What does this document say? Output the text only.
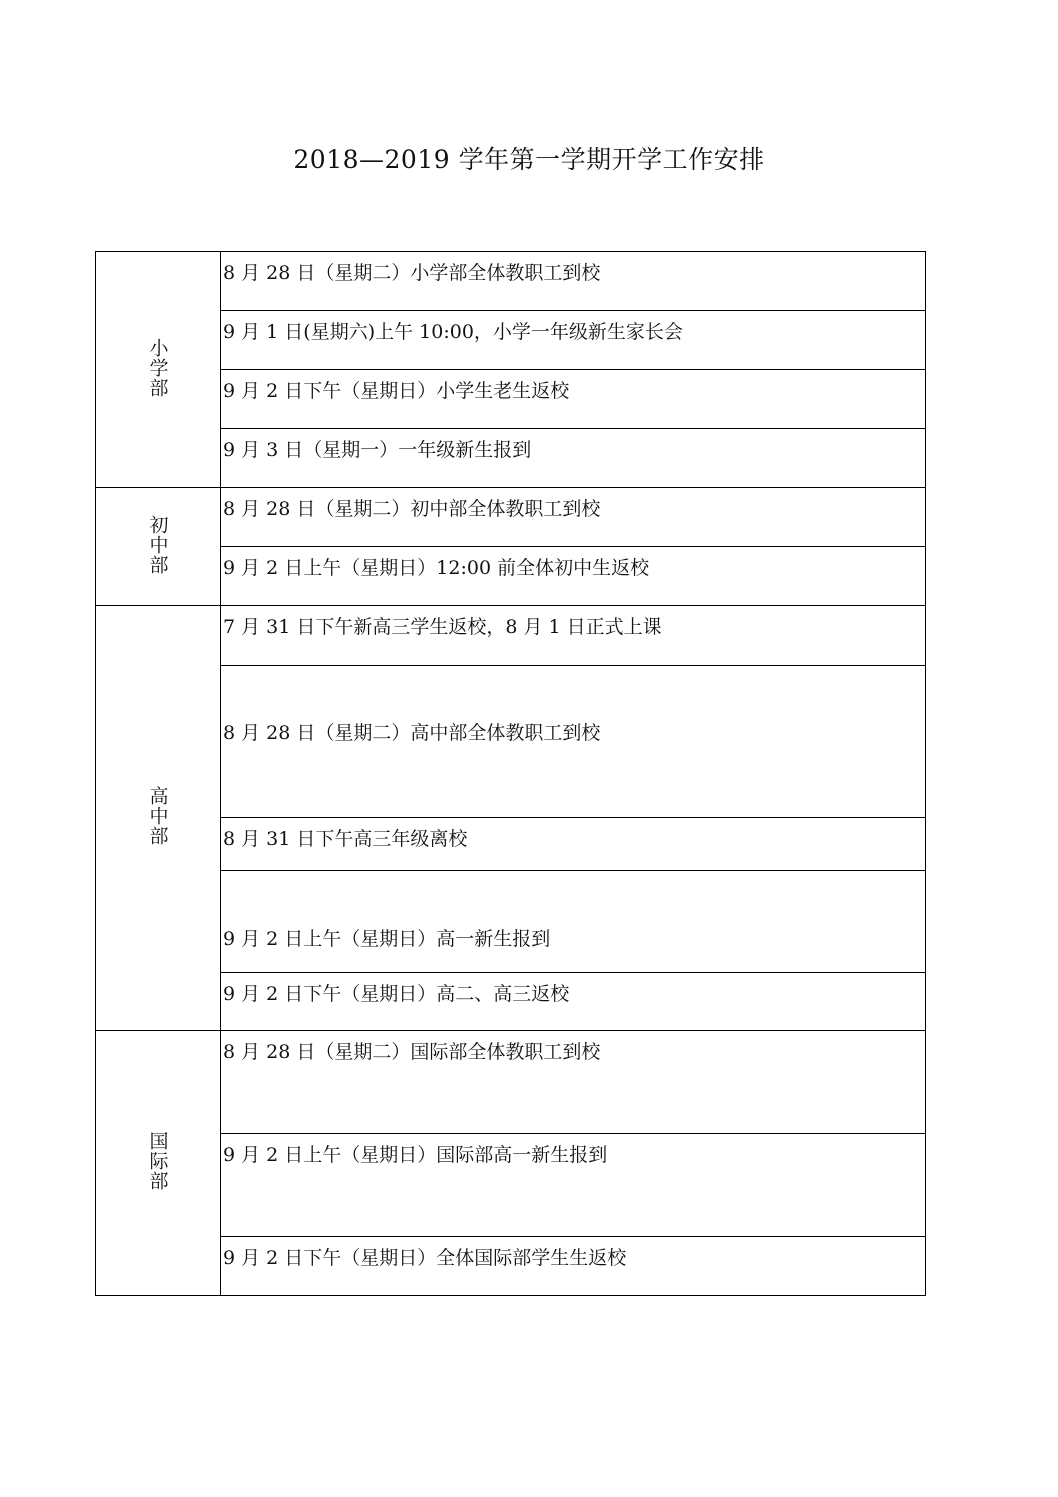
2018—2019 学年第一学期开学工作安排
小学部	8 月 28 日（星期二）小学部全体教职工到校
	9 月 1 日(星期六)上午 10:00，小学一年级新生家长会
	9 月 2 日下午（星期日）小学生老生返校
	9 月 3 日（星期一）一年级新生报到
初中部	8 月 28 日（星期二）初中部全体教职工到校
	9 月 2 日上午（星期日）12:00 前全体初中生返校
高中部	7 月 31 日下午新高三学生返校，8 月 1 日正式上课
	8 月 28 日（星期二）高中部全体教职工到校
	8 月 31 日下午高三年级离校
	9 月 2 日上午（星期日）高一新生报到
	9 月 2 日下午（星期日）高二、高三返校
国际部	8 月 28 日（星期二）国际部全体教职工到校
	9 月 2 日上午（星期日）国际部高一新生报到
	9 月 2 日下午（星期日）全体国际部学生生返校
